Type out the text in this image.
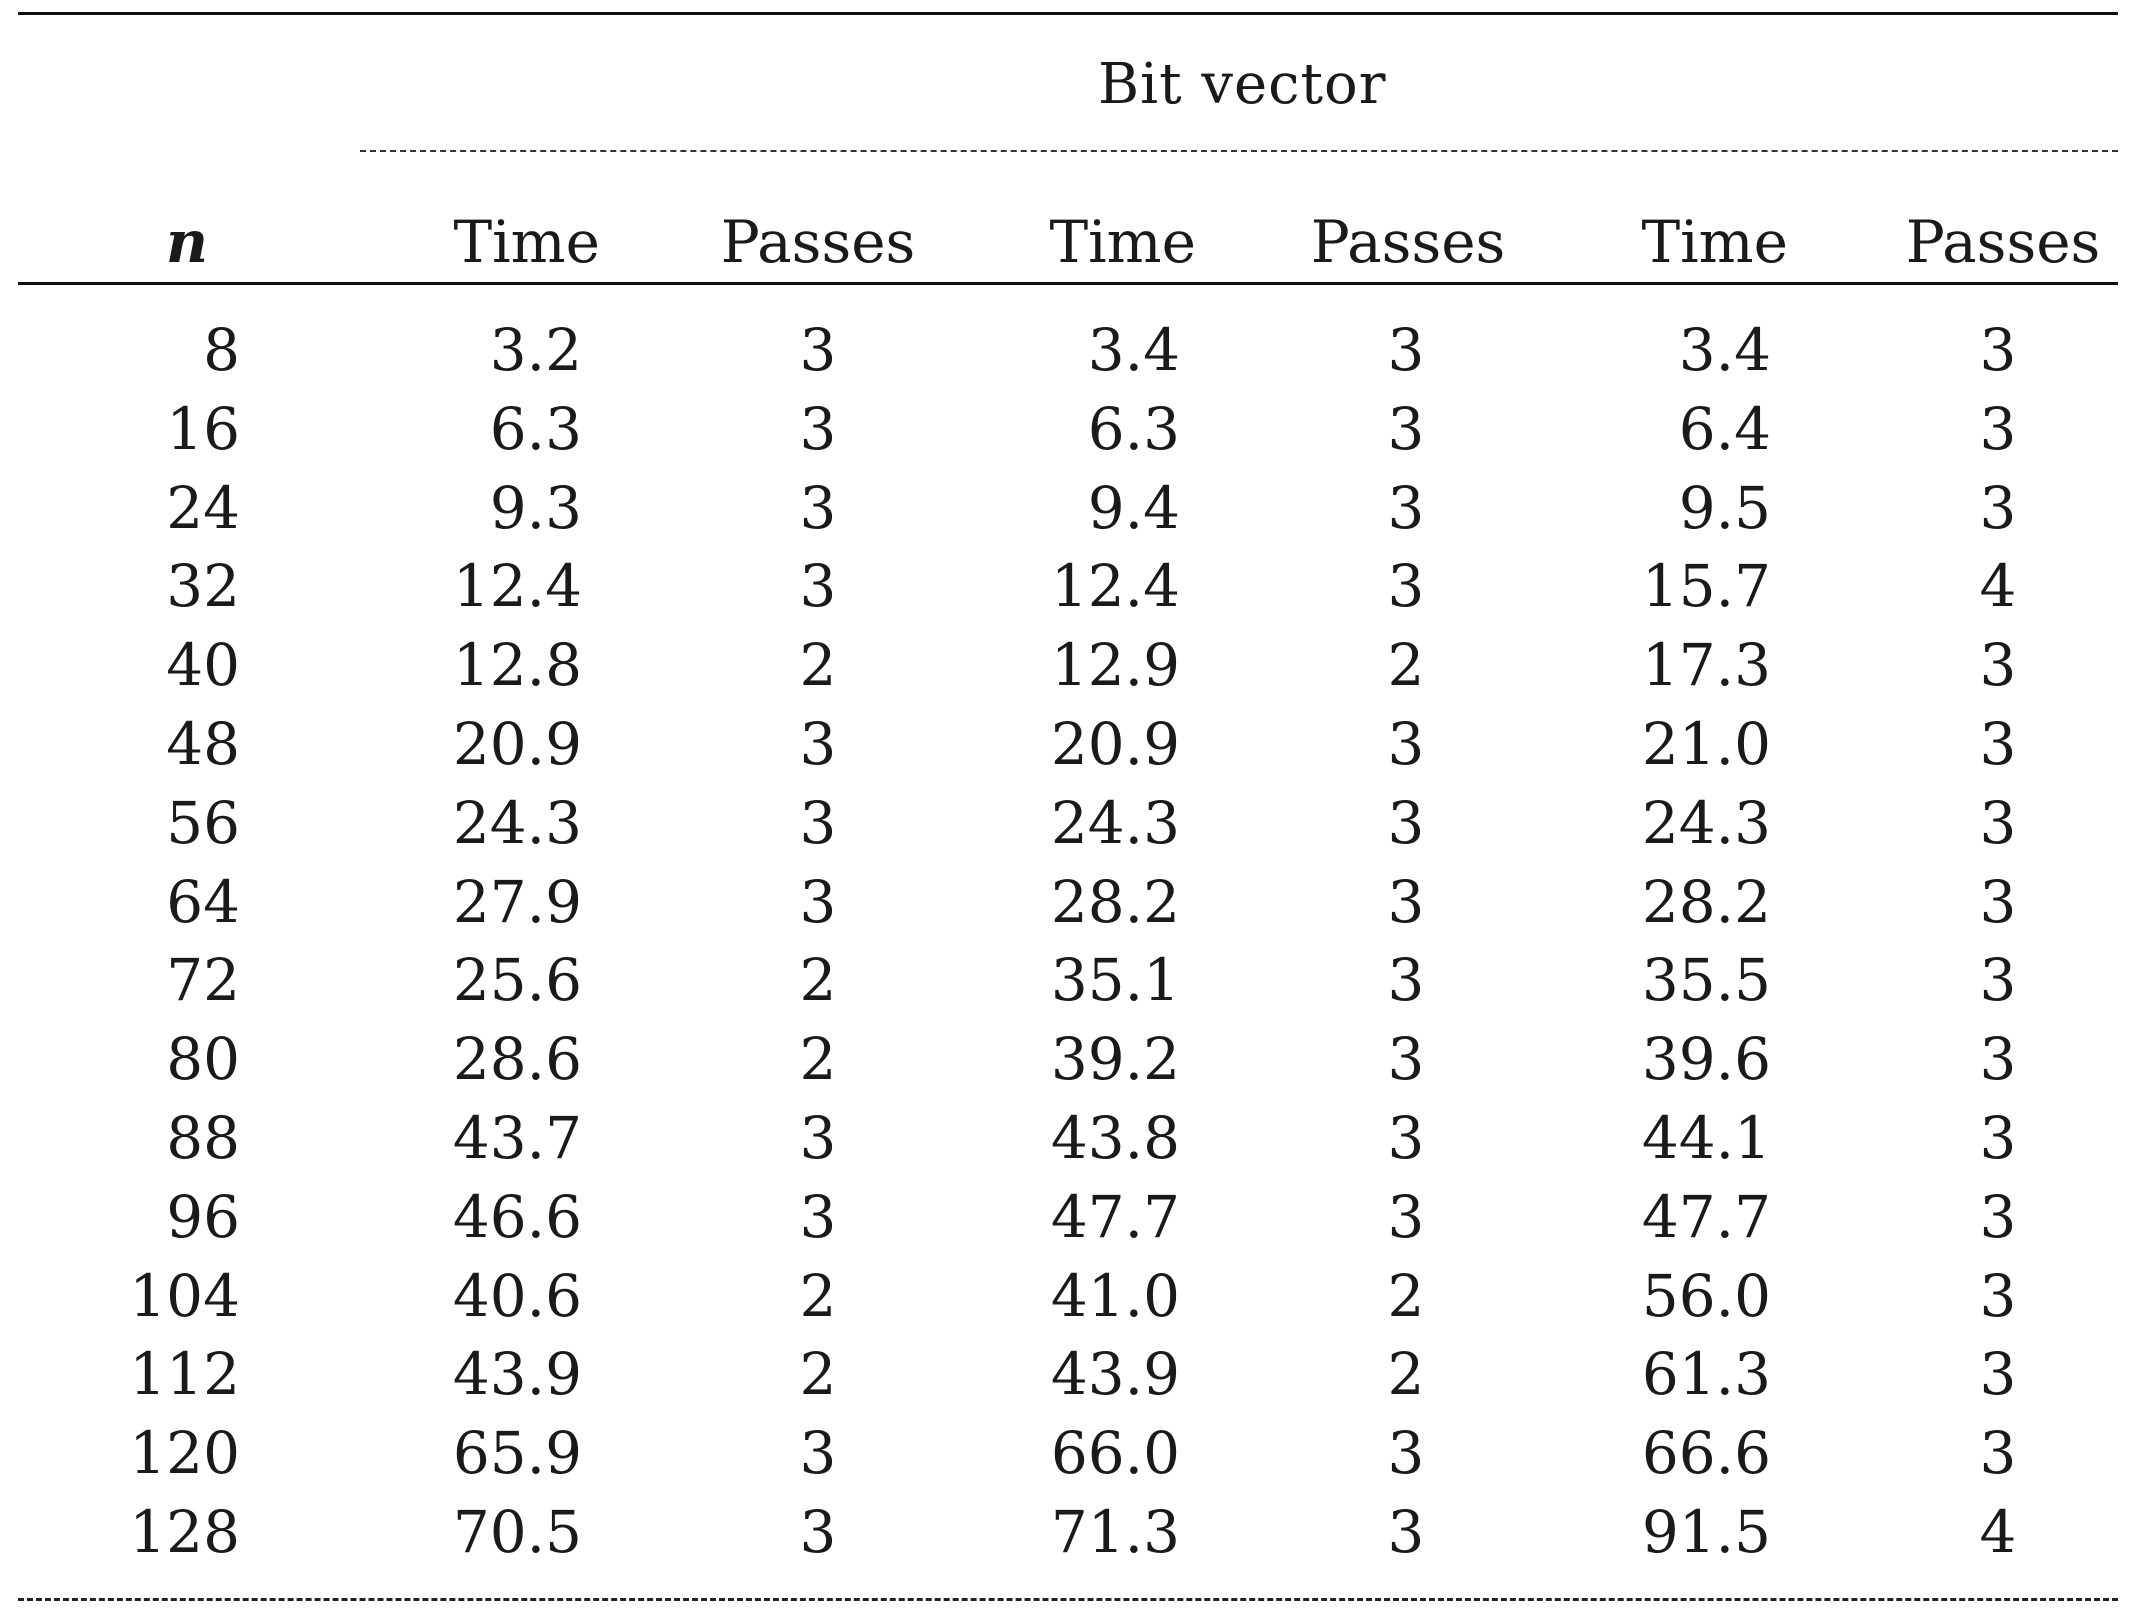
Bit vector
n	Time Passes Time Passes Time Passes
8	3.2	3	3.4	3	3.4	3
16	6.3	3	6.3	3	6.4	3
24	9.3	3	9.4	3	9.5	3
32	12.4	3	12.4	3	15.7	4
40	12.8	2	12.9	2	17.3	3
48	20.9	3	20.9	3	21.0	3
56	24.3	3	24.3	3	24.3	3
64	27.9	3	28.2	3	28.2	3
72	25.6	2	35.1	3	35.5	3
80	28.6	2	39.2	3	39.6	3
88	43.7	3	43.8	3	44.1	3
96	46.6	3	47.7	3	47.7	3
104	40.6	2	41.0	2	56.0	3
112	43.9	2	43.9	2	61.3	3
120	65.9	3	66.0	3	66.6	3
128	70.5	3	71.3	3	91.5	4
